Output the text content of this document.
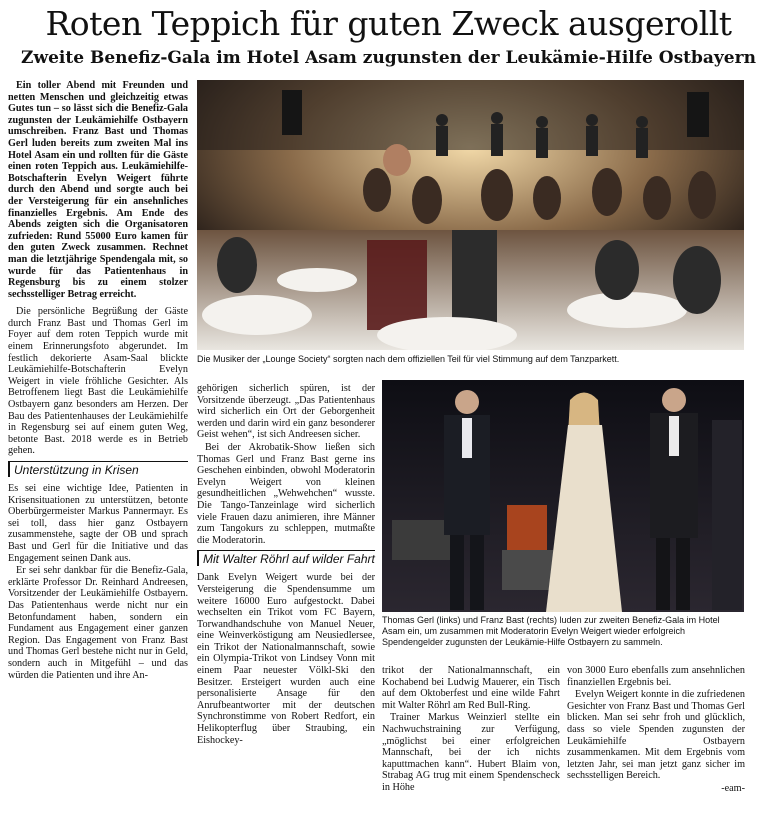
Roten Teppich für guten Zweck ausgerollt
Zweite Benefiz-Gala im Hotel Asam zugunsten der Leukämie-Hilfe Ostbayern

Ein toller Abend mit Freunden und netten Menschen und gleichzeitig etwas Gutes tun – so lässt sich die Benefiz-Gala zugunsten der Leukämiehilfe Ostbayern umschreiben. Franz Bast und Thomas Gerl luden bereits zum zweiten Mal ins Hotel Asam ein und rollten für die Gäste einen roten Teppich aus. Leukämiehilfe-Botschafterin Evelyn Weigert führte durch den Abend und sorgte auch bei der Versteigerung für ein ansehnliches finanzielles Ergebnis. Am Ende des Abends zeigten sich die Organisatoren zufrieden: Rund 55000 Euro kamen für den guten Zweck zusammen. Rechnet man die letztjährige Spendengala mit, so wurde für das Patientenhaus in Regensburg bis zu einem stolzer sechsstelliger Betrag erreicht.

Die persönliche Begrüßung der Gäste durch Franz Bast und Thomas Gerl im Foyer auf dem roten Teppich wurde mit einem Erinnerungsfoto abgerundet. Im festlich dekorierte Asam-Saal blickte Leukämiehilfe-Botschafterin Evelyn Weigert in viele fröhliche Gesichter. Als Betroffenem liegt Bast die Leukämiehilfe Ostbayern ganz besonders am Herzen. Der Bau des Patientenhauses der Leukämiehilfe in Regensburg sei auf einem guten Weg, betonte Bast. 2018 werde es in Betrieb gehen.

Unterstützung in Krisen

Es sei eine wichtige Idee, Patienten in Krisensituationen zu unterstützen, betonte Oberbürgermeister Markus Pannermayr. Es sei toll, dass hier ganz Ostbayern zusammenstehe, sagte der OB und sprach Bast und Gerl für die Initiative und das Engagement seinen Dank aus.

Er sei sehr dankbar für die Benefiz-Gala, erklärte Professor Dr. Reinhard Andreesen, Vorsitzender der Leukämiehilfe Ostbayern. Das Patientenhaus werde nicht nur ein Betonfundament haben, sondern ein Fundament aus Engagement einer ganzen Region. Das Engagement von Franz Bast und Thomas Gerl bestehe nicht nur in Geld, sondern auch in Mitgefühl – und das würden die Patienten und ihre An-

Die Musiker der „Lounge Society“ sorgten nach dem offiziellen Teil für viel Stimmung auf dem Tanzparkett.

gehörigen sicherlich spüren, ist der Vorsitzende überzeugt. „Das Patientenhaus wird sicherlich ein Ort der Geborgenheit werden und darin wird ein ganz besonderer Geist wehen“, ist sich Andreesen sicher.

Bei der Akrobatik-Show ließen sich Thomas Gerl und Franz Bast gerne ins Geschehen einbinden, obwohl Moderatorin Evelyn Weigert von kleinen gesundheitlichen „Wehwehchen“ wusste. Die Tango-Tanzeinlage wird sicherlich viele Frauen dazu animieren, ihre Männer zum Tangokurs zu schleppen, mutmaßte die Moderatorin.

Mit Walter Röhrl auf wilder Fahrt

Dank Evelyn Weigert wurde bei der Versteigerung die Spendensumme um weitere 16000 Euro aufgestockt. Dabei wechselten ein Trikot vom FC Bayern, Torwandhandschuhe von Manuel Neuer, eine Weinverköstigung am Neusiedlersee, ein Trikot der Nationalmannschaft, sowie ein Olympia-Trikot von Lindsey Vonn mit einem Paar neuester Völkl-Ski den Besitzer. Ersteigert wurden auch eine personalisierte Ansage für den Anrufbeantworter mit der deutschen Synchronstimme von Robert Redfort, ein Helikopterflug über Straubing, ein Eishockey-

Thomas Gerl (links) und Franz Bast (rechts) luden zur zweiten Benefiz-Gala im Hotel Asam ein, um zusammen mit Moderatorin Evelyn Weigert wieder erfolgreich Spendengelder zugunsten der Leukämie-Hilfe Ostbayern zu sammeln.

trikot der Nationalmannschaft, ein Kochabend bei Ludwig Mauerer, ein Tisch auf dem Oktoberfest und eine wilde Fahrt mit Walter Röhrl am Red Bull-Ring.

Trainer Markus Weinzierl stellte ein Nachwuchstraining zur Verfügung, „möglichst bei einer erfolgreichen Mannschaft, bei der ich nichts kaputtmachen kann“. Hubert Blaim von, Strabag AG trug mit einem Spendenscheck in Höhe

von 3000 Euro ebenfalls zum ansehnlichen finanziellen Ergebnis bei.

Evelyn Weigert konnte in die zufriedenen Gesichter von Franz Bast und Thomas Gerl blicken. Man sei sehr froh und glücklich, dass so viele Spenden zugunsten der Leukämiehilfe Ostbayern zusammenkamen. Mit dem Ergebnis vom letzten Jahr, sei man jetzt ganz sicher im sechsstelligen Bereich.

-eam-
